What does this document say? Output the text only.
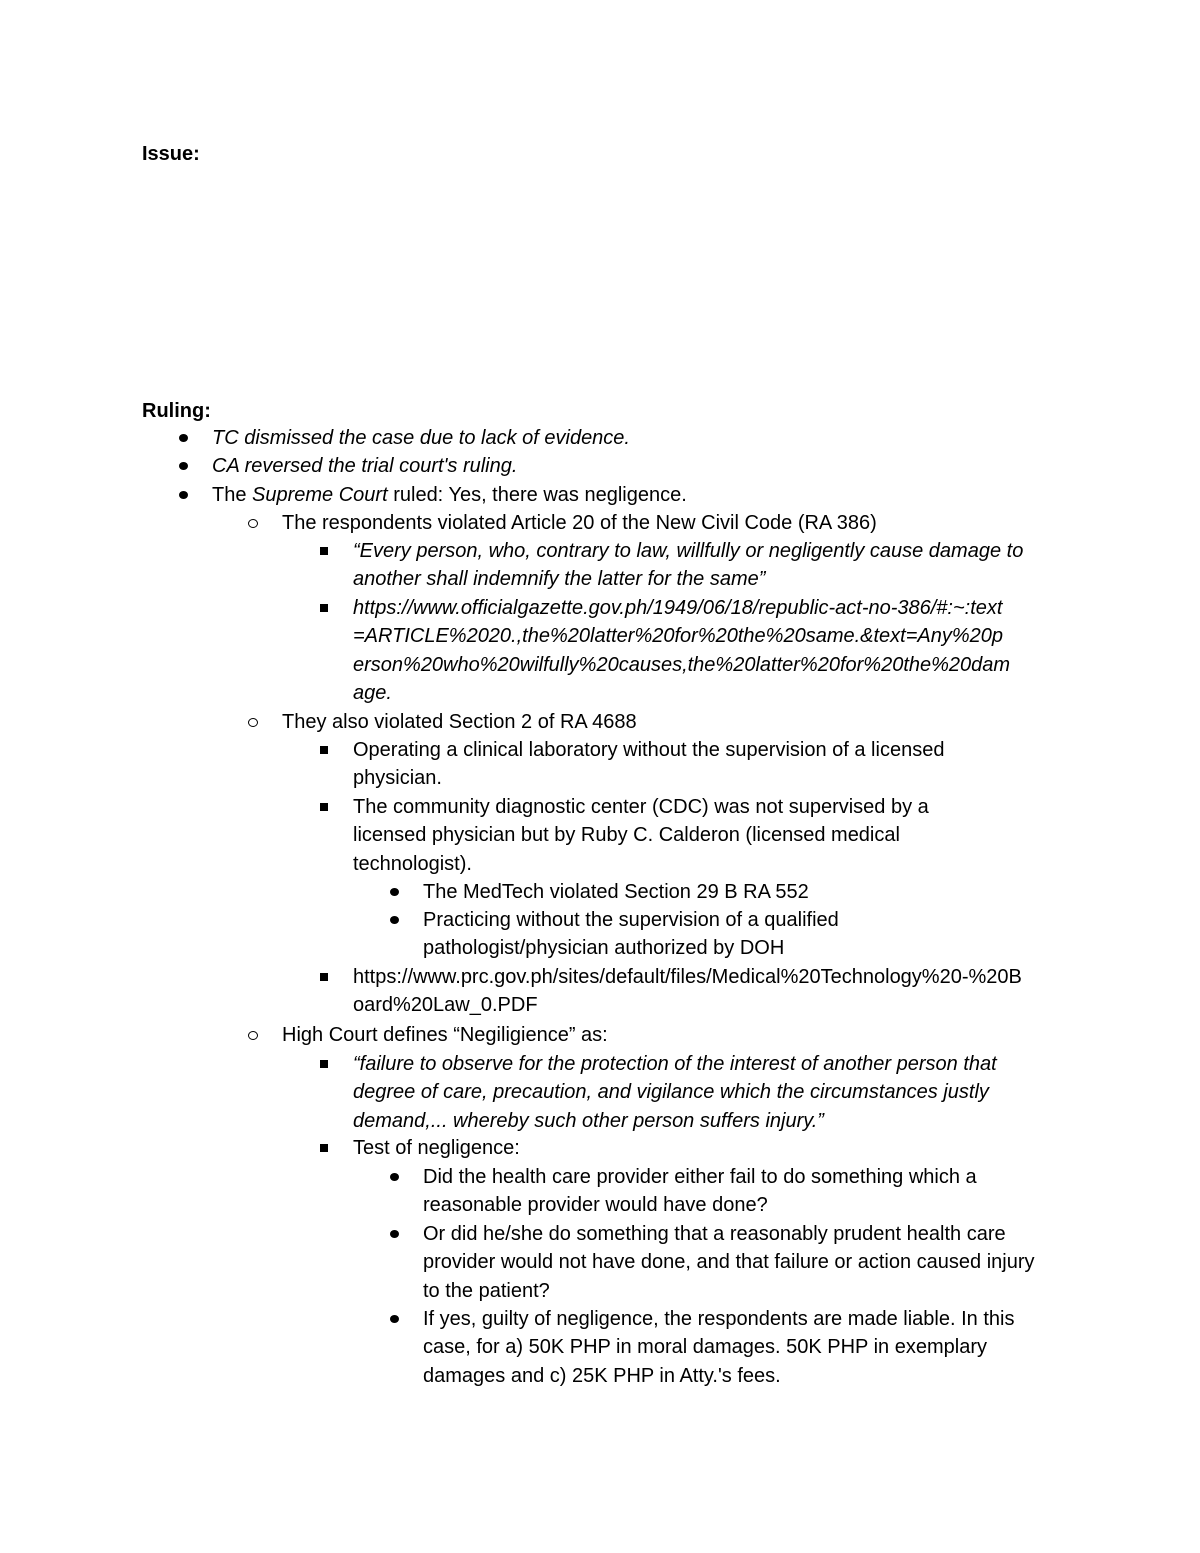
Issue:
Ruling:
TC dismissed the case due to lack of evidence.
CA reversed the trial court's ruling.
The Supreme Court ruled: Yes, there was negligence.
The respondents violated Article 20 of the New Civil Code (RA 386)
“Every person, who, contrary to law, willfully or negligently cause damage to another shall indemnify the latter for the same”
https://www.officialgazette.gov.ph/1949/06/18/republic-act-no-386/#:~:text=ARTICLE%2020.,the%20latter%20for%20the%20same.&text=Any%20person%20who%20wilfully%20causes,the%20latter%20for%20the%20damage.
They also violated Section 2 of RA 4688
Operating a clinical laboratory without the supervision of a licensed physician.
The community diagnostic center (CDC) was not supervised by a licensed physician but by Ruby C. Calderon (licensed medical technologist).
The MedTech violated Section 29 B RA 552
Practicing without the supervision of a qualified pathologist/physician authorized by DOH
https://www.prc.gov.ph/sites/default/files/Medical%20Technology%20-%20Board%20Law_0.PDF
High Court defines “Negiligience” as:
“failure to observe for the protection of the interest of another person that degree of care, precaution, and vigilance which the circumstances justly demand,... whereby such other person suffers injury.”
Test of negligence:
Did the health care provider either fail to do something which a reasonable provider would have done?
Or did he/she do something that a reasonably prudent health care provider would not have done, and that failure or action caused injury to the patient?
If yes, guilty of negligence, the respondents are made liable. In this case, for a) 50K PHP in moral damages. 50K PHP in exemplary damages and c) 25K PHP in Atty.'s fees.
